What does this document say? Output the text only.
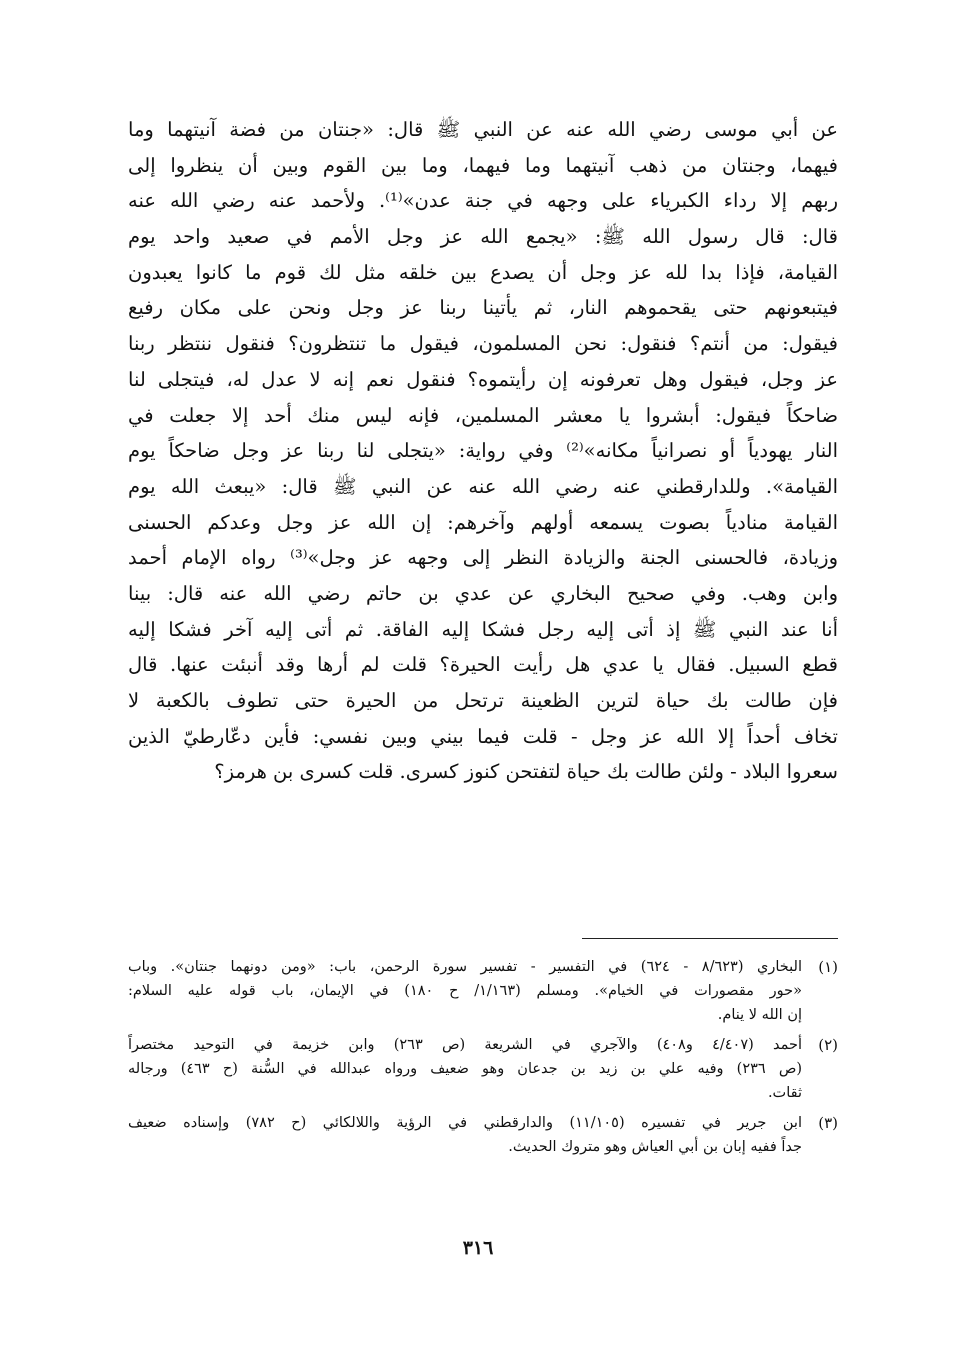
عن أبي موسى رضي الله عنه عن النبي ﷺ قال: «جنتان من فضة آنيتهما وما
فيهما، وجنتان من ذهب آنيتهما وما فيهما، وما بين القوم وبين أن ينظروا إلى
ربهم إلا رداء الكبرياء على وجهه في جنة عدن»⁽¹⁾. ولأحمد عنه رضي الله عنه
قال: قال رسول الله ﷺ: «يجمع الله عز وجل الأمم في صعيد واحد يوم
القيامة، فإذا بدا لله عز وجل أن يصدع بين خلقه مثل لك قوم ما كانوا يعبدون
فيتبعونهم حتى يقحموهم النار، ثم يأتينا ربنا عز وجل ونحن على مكان رفيع
فيقول: من أنتم؟ فنقول: نحن المسلمون، فيقول ما تنتظرون؟ فنقول ننتظر ربنا
عز وجل، فيقول وهل تعرفونه إن رأيتموه؟ فنقول نعم إنه لا عدل له، فيتجلى لنا
ضاحكاً فيقول: أبشروا يا معشر المسلمين، فإنه ليس منك أحد إلا جعلت في
النار يهودياً أو نصرانياً مكانه»⁽²⁾ وفي رواية: «يتجلى لنا ربنا عز وجل ضاحكاً يوم
القيامة». وللدارقطني عنه رضي الله عنه عن النبي ﷺ قال: «يبعث الله يوم
القيامة منادياً بصوت يسمعه أولهم وآخرهم: إن الله عز وجل وعدكم الحسنى
وزيادة، فالحسنى الجنة والزيادة النظر إلى وجهه عز وجل»⁽³⁾ رواه الإمام أحمد
وابن وهب. وفي صحيح البخاري عن عدي بن حاتم رضي الله عنه قال: بينا
أنا عند النبي ﷺ إذ أتى إليه رجل فشكا إليه الفاقة. ثم أتى إليه آخر فشكا إليه
قطع السبيل. فقال يا عدي هل رأيت الحيرة؟ قلت لم أرها وقد أنبئت عنها. قال
فإن طالت بك حياة لترين الظعينة ترتحل من الحيرة حتى تطوف بالكعبة لا
تخاف أحداً إلا الله عز وجل - قلت فيما بيني وبين نفسي: فأين دعّارطيّ الذين
سعروا البلاد - ولئن طالت بك حياة لتفتحن كنوز كسرى. قلت كسرى بن هرمز؟
(١)
البخاري (٨/٦٢٣ - ٦٢٤) في التفسير - تفسير سورة الرحمن، باب: «ومن دونهما جنتان». وباب
«حور مقصورات في الخيام». ومسلم (١/١٦٣/ ح ١٨٠) في الإيمان، باب قوله عليه السلام:
إن الله لا ينام.
(٢)
أحمد (٤/٤٠٧ و٤٠٨) والآجري في الشريعة (ص ٢٦٣) وابن خزيمة في التوحيد مختصراً
(ص ٢٣٦) وفيه علي بن زيد بن جدعان وهو ضعيف ورواه عبدالله في السُّنة (ح ٤٦٣) ورجاله
ثقات.
(٣)
ابن جرير في تفسيره (١١/١٠٥) والدارقطني في الرؤية واللالكائي (ح ٧٨٢) وإسناده ضعيف
جداً ففيه إبان بن أبي العياش وهو متروك الحديث.
٣١٦
